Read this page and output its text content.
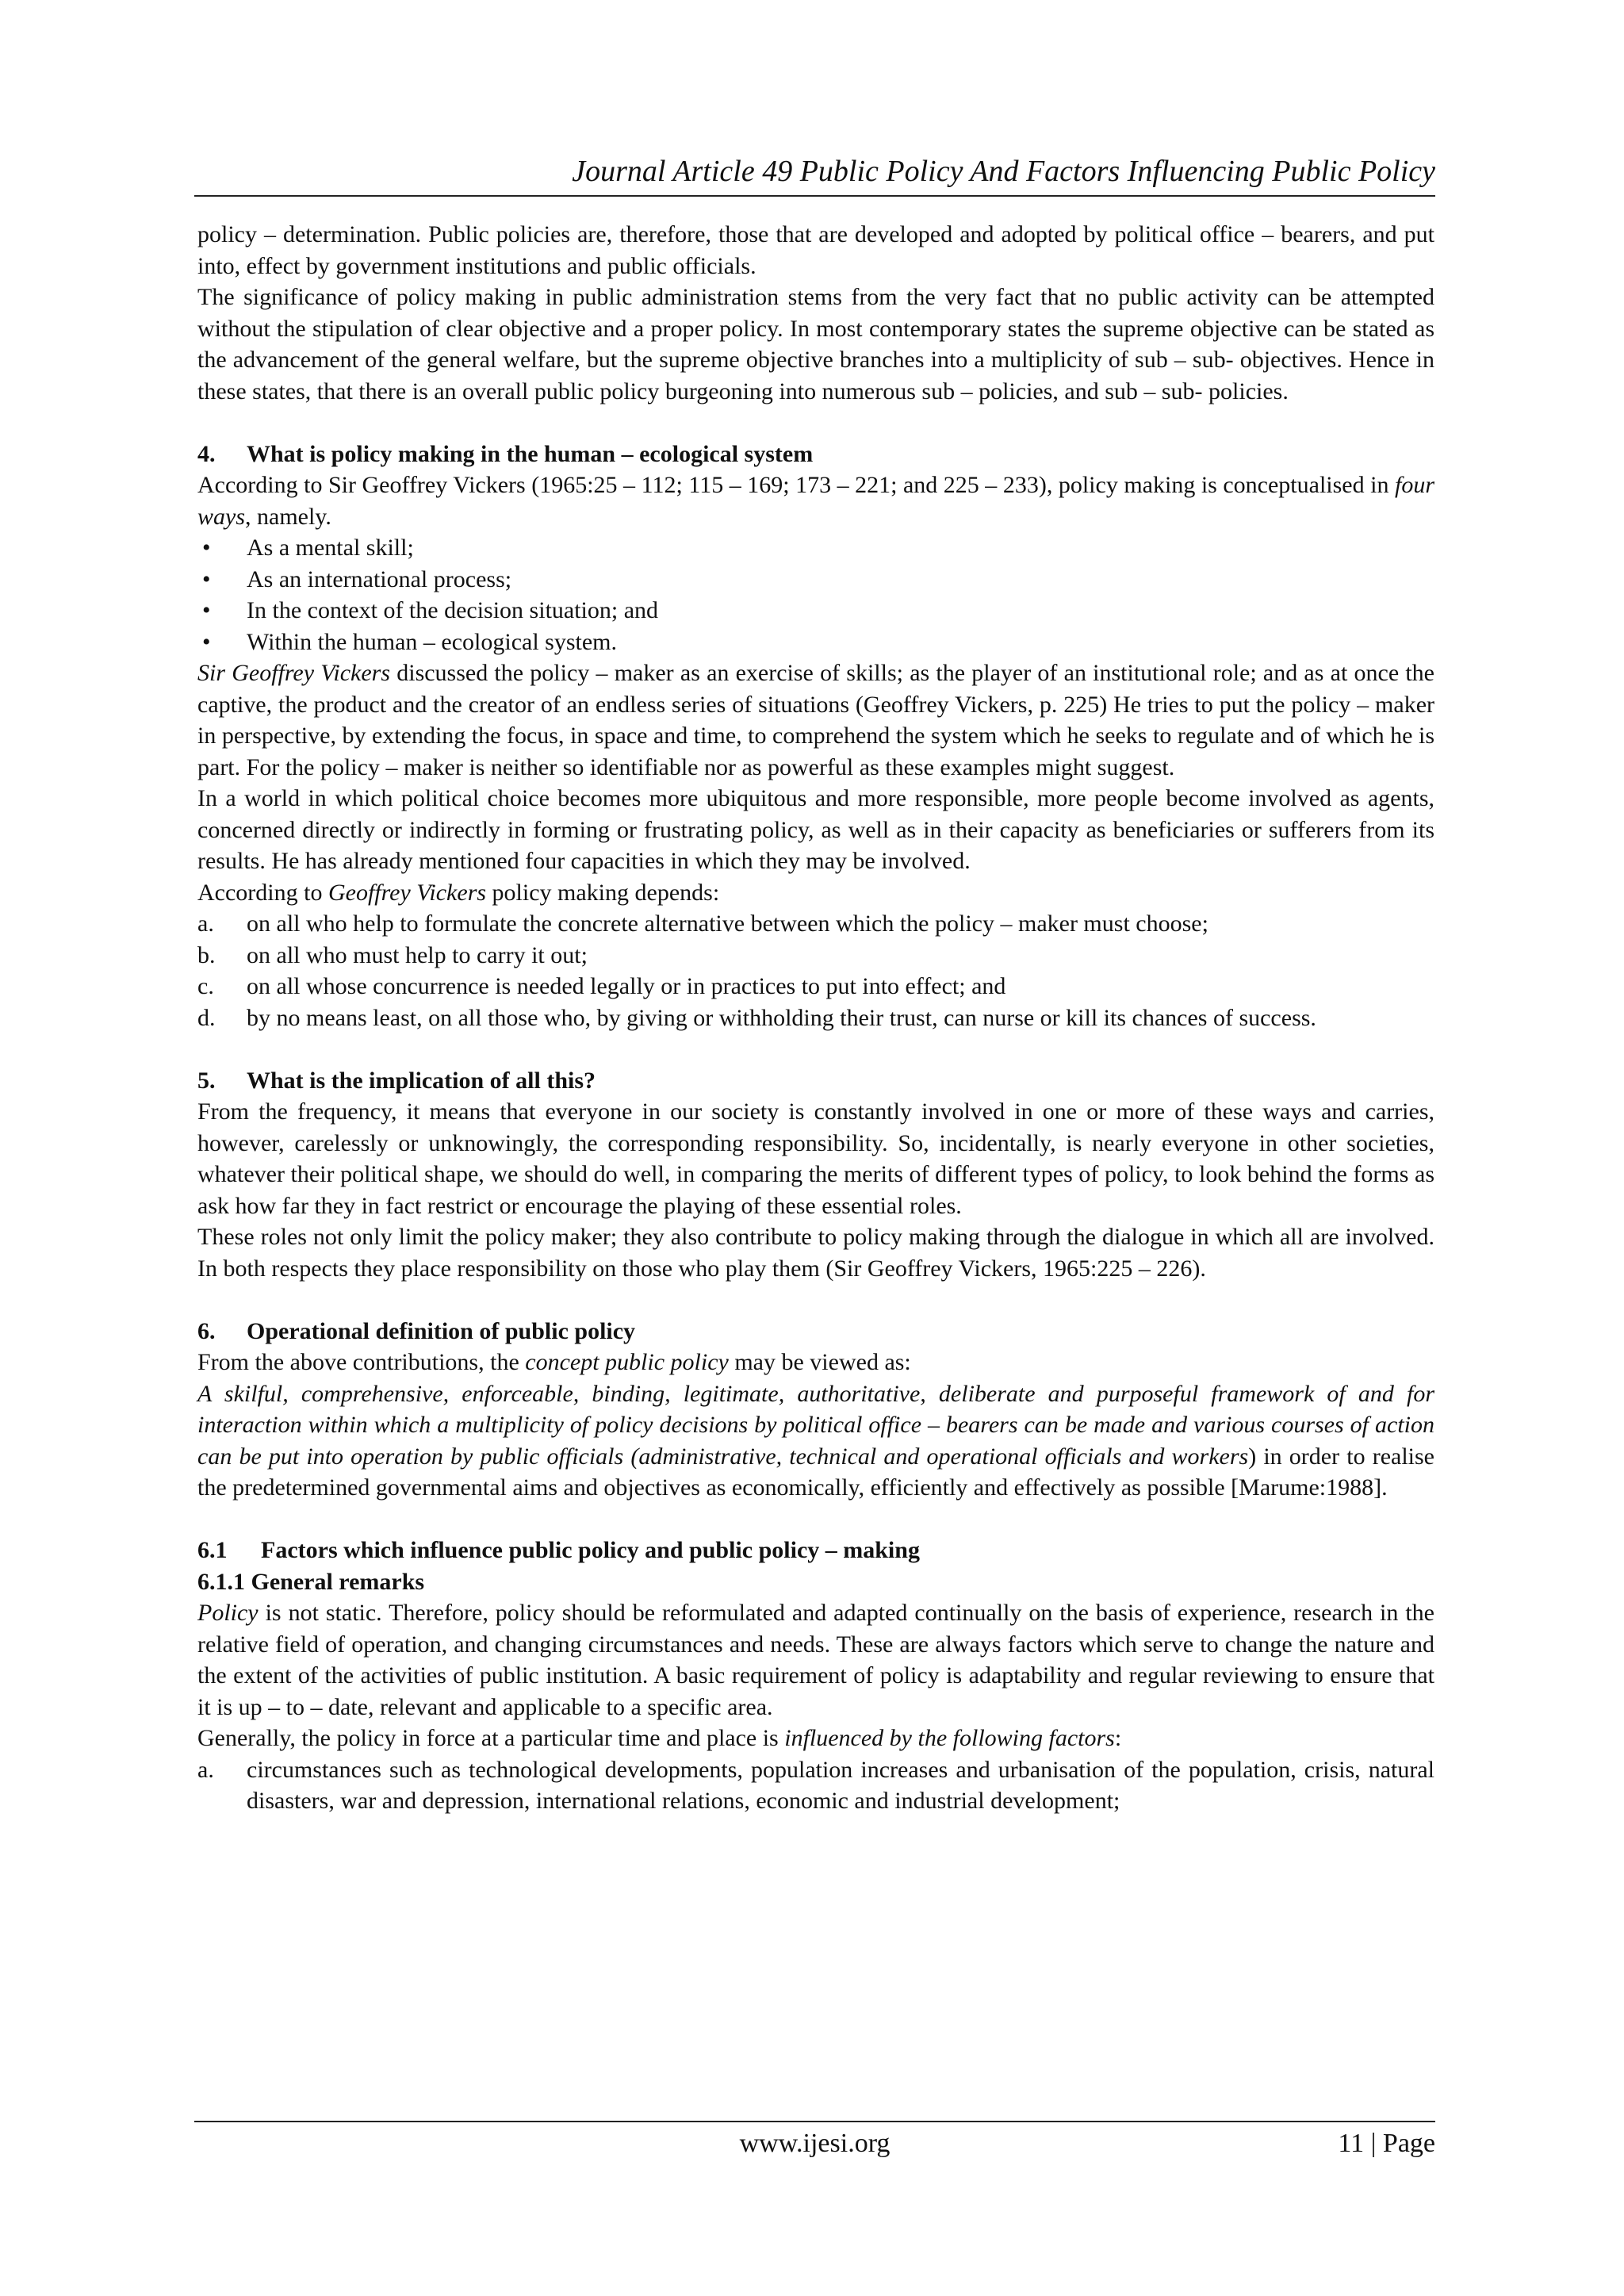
Journal Article 49 Public Policy And Factors Influencing Public Policy

policy – determination. Public policies are, therefore, those that are developed and adopted by political office – bearers, and put into, effect by government institutions and public officials.

The significance of policy making in public administration stems from the very fact that no public activity can be attempted without the stipulation of clear objective and a proper policy. In most contemporary states the supreme objective can be stated as the advancement of the general welfare, but the supreme objective branches into a multiplicity of sub – sub- objectives. Hence in these states, that there is an overall public policy burgeoning into numerous sub – policies, and sub – sub- policies.

4.	What is policy making in the human – ecological system

According to Sir Geoffrey Vickers (1965:25 – 112; 115 – 169; 173 – 221; and 225 – 233), policy making is conceptualised in four ways, namely.

•	As a mental skill;
•	As an international process;
•	In the context of the decision situation; and
•	Within the human – ecological system.

Sir Geoffrey Vickers discussed the policy – maker as an exercise of skills; as the player of an institutional role; and as at once the captive, the product and the creator of an endless series of situations (Geoffrey Vickers, p. 225) He tries to put the policy – maker in perspective, by extending the focus, in space and time, to comprehend the system which he seeks to regulate and of which he is part. For the policy – maker is neither so identifiable nor as powerful as these examples might suggest.

In a world in which political choice becomes more ubiquitous and more responsible, more people become involved as agents, concerned directly or indirectly in forming or frustrating policy, as well as in their capacity as beneficiaries or sufferers from its results. He has already mentioned four capacities in which they may be involved.

According to Geoffrey Vickers policy making depends:

a.	on all who help to formulate the concrete alternative between which the policy – maker must choose;
b.	on all who must help to carry it out;
c.	on all whose concurrence is needed legally or in practices to put into effect; and
d.	by no means least, on all those who, by giving or withholding their trust, can nurse or kill its chances of success.
5.	What is the implication of all this?

From the frequency, it means that everyone in our society is constantly involved in one or more of these ways and carries, however, carelessly or unknowingly, the corresponding responsibility. So, incidentally, is nearly everyone in other societies, whatever their political shape, we should do well, in comparing the merits of different types of policy, to look behind the forms as ask how far they in fact restrict or encourage the playing of these essential roles.

These roles not only limit the policy maker; they also contribute to policy making through the dialogue in which all are involved. In both respects they place responsibility on those who play them (Sir Geoffrey Vickers, 1965:225 – 226).

6.	Operational definition of public policy

From the above contributions, the concept public policy may be viewed as:

A skilful, comprehensive, enforceable, binding, legitimate, authoritative, deliberate and purposeful framework of and for interaction within which a multiplicity of policy decisions by political office – bearers can be made and various courses of action can be put into operation by public officials (administrative, technical and operational officials and workers) in order to realise the predetermined governmental aims and objectives as economically, efficiently and effectively as possible [Marume:1988].

6.1	Factors which influence public policy and public policy – making
6.1.1 General remarks

Policy is not static. Therefore, policy should be reformulated and adapted continually on the basis of experience, research in the relative field of operation, and changing circumstances and needs. These are always factors which serve to change the nature and the extent of the activities of public institution. A basic requirement of policy is adaptability and regular reviewing to ensure that it is up – to – date, relevant and applicable to a specific area.

Generally, the policy in force at a particular time and place is influenced by the following factors:

a.	circumstances such as technological developments, population increases and urbanisation of the population, crisis, natural disasters, war and depression, international relations, economic and industrial development;
www.ijesi.org	11 | Page
